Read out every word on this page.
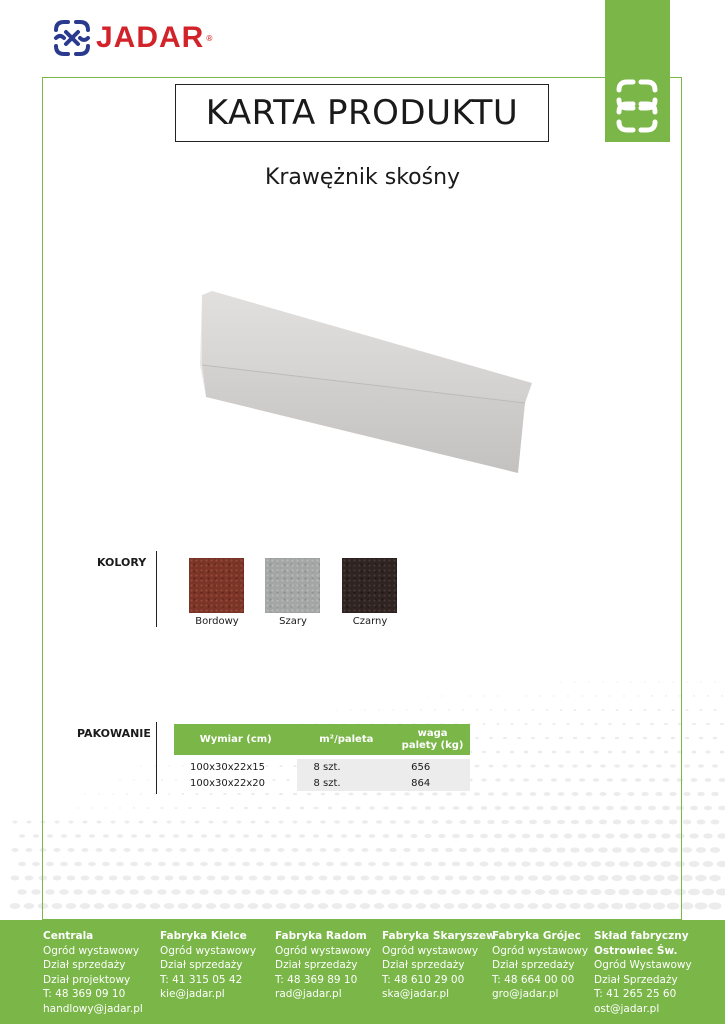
JADAR ®
KARTA PRODUKTU
Krawężnik skośny
KOLORY
Bordowy	Szary	Czarny
PAKOWANIE	Wymiar (cm)	m²/paleta	waga palety (kg)

100x30x22x15	8 szt.	656
100x30x22x20	8 szt.	864
Centrala
Ogród wystawowy
Dział sprzedaży
Dział projektowy
T: 48 369 09 10
handlowy@jadar.pl
Fabryka Kielce
Ogród wystawowy
Dział sprzedaży
T: 41 315 05 42
kie@jadar.pl
Fabryka Radom
Ogród wystawowy
Dział sprzedaży
T: 48 369 89 10
rad@jadar.pl
Fabryka Skaryszew
Ogród wystawowy
Dział sprzedaży
T: 48 610 29 00
ska@jadar.pl
Fabryka Grójec
Ogród wystawowy
Dział sprzedaży
T: 48 664 00 00
gro@jadar.pl
Skład fabryczny
Ostrowiec Św.
Ogród Wystawowy
Dział Sprzedaży
T: 41 265 25 60
ost@jadar.pl
